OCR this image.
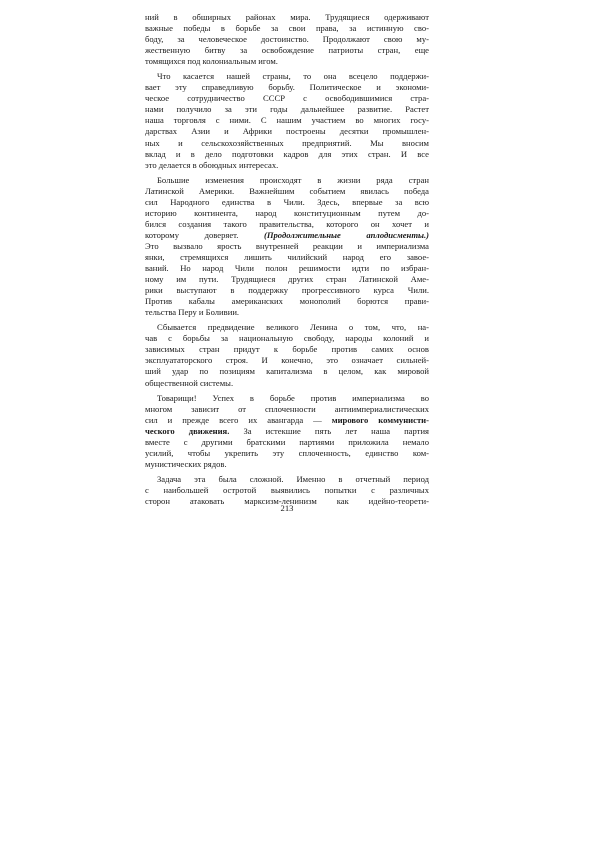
ний в обширных районах мира. Трудящиеся одерживают
важные победы в борьбе за свои права, за истинную сво-
боду, за человеческое достоинство. Продолжают свою му-
жественную битву за освобождение патриоты стран, еще
томящихся под колониальным игом.
Что касается нашей страны, то она всецело поддержи-
вает эту справедливую борьбу. Политическое и экономи-
ческое сотрудничество СССР с освободившимися стра-
нами получило за эти годы дальнейшее развитие. Растет
наша торговля с ними. С нашим участием во многих госу-
дарствах Азии и Африки построены десятки промышлен-
ных и сельскохозяйственных предприятий. Мы вносим
вклад и в дело подготовки кадров для этих стран. И все
это делается в обоюдных интересах.
Большие изменения происходят в жизни ряда стран
Латинской Америки. Важнейшим событием явилась победа
сил Народного единства в Чили. Здесь, впервые за всю
историю континента, народ конституционным путем до-
бился создания такого правительства, которого он хочет и
которому доверяет.	(Продолжительные аплодисменты.)
Это вызвало ярость внутренней реакции и империализма
янки, стремящихся лишить чилийский народ его завое-
ваний. Но народ Чили полон решимости идти по избран-
ному им пути. Трудящиеся других стран Латинской Аме-
рики выступают в поддержку прогрессивного курса Чили.
Против кабалы американских монополий борются прави-
тельства Перу и Боливии.
Сбывается предвидение великого Ленина о том, что, на-
чав с борьбы за национальную свободу, народы колоний и
зависимых стран придут к борьбе против самих основ
эксплуататорского строя. И конечно, это означает сильней-
ший удар по позициям капитализма в целом, как мировой
общественной системы.
Товарищи! Успех в борьбе против империализма во
многом зависит от сплоченности антиимпериалистических
сил и прежде всего их авангарда — мирового коммунисти-
ческого движения. За истекшие пять лет наша партия
вместе с другими братскими партиями приложила немало
усилий, чтобы укрепить эту сплоченность, единство ком-
мунистических рядов.
Задача эта была сложной. Именно в отчетный период
с наибольшей остротой выявились попытки с различных
сторон атаковать марксизм-ленинизм как идейно-теорети-
213
